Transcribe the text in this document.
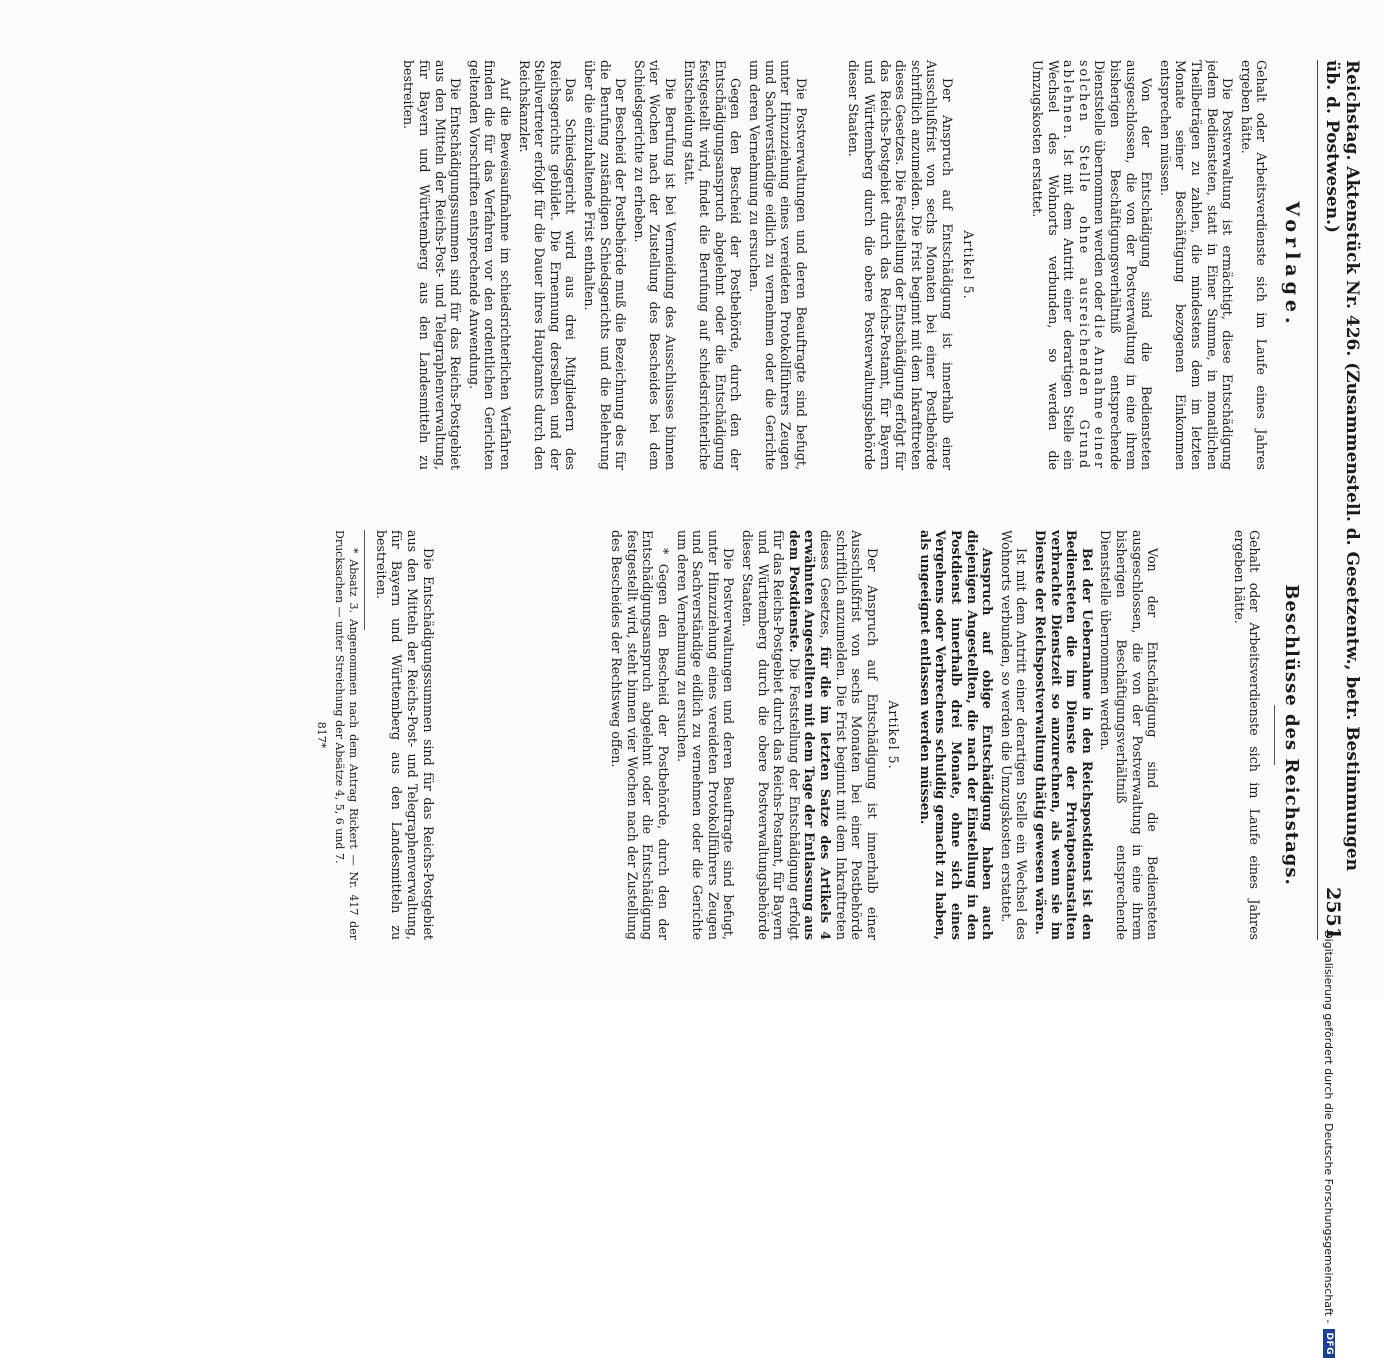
Reichstag. Aktenstück Nr. 426. (Zusammenstell. d. Gesetzentw., betr. Bestimmungen üb. d. Postwesen.)
2551
Vorlage.

Gehalt oder Arbeitsverdienste sich im Laufe eines Jahres ergeben hätte.

Die Postverwaltung ist ermächtigt, diese Entschädigung jedem Bediensteten, statt in Einer Summe, in monatlichen Theilbeträgen zu zahlen, die mindestens dem im letzten Monate seiner Beschäftigung bezogenen Einkommen entsprechen müssen.

Von der Entschädigung sind die Bediensteten ausgeschlossen, die von der Postverwaltung in eine ihrem bisherigen Beschäftigungsverhältniß entsprechende Dienststelle übernommen werden oder die Annahme einer solchen Stelle ohne ausreichenden Grund ablehnen. Ist mit dem Antritt einer derartigen Stelle ein Wechsel des Wohnorts verbunden, so werden die Umzugskosten erstattet.

Artikel 5.

Der Anspruch auf Entschädigung ist innerhalb einer Ausschlußfrist von sechs Monaten bei einer Postbehörde schriftlich anzumelden. Die Frist beginnt mit dem Inkrafttreten dieses Gesetzes. Die Feststellung der Entschädigung erfolgt für das Reichs-Postgebiet durch das Reichs-Postamt, für Bayern und Württemberg durch die obere Postverwaltungsbehörde dieser Staaten.

Die Postverwaltungen und deren Beauftragte sind befugt, unter Hinzuziehung eines vereideten Protokollführers Zeugen und Sachverständige eidlich zu vernehmen oder die Gerichte um deren Vernehmung zu ersuchen.

Gegen den Bescheid der Postbehörde, durch den der Entschädigungsanspruch abgelehnt oder die Entschädigung festgestellt wird, findet die Berufung auf schiedsrichterliche Entscheidung statt.

Die Berufung ist bei Vermeidung des Ausschlusses binnen vier Wochen nach der Zustellung des Bescheides bei dem Schiedsgerichte zu erheben.

Der Bescheid der Postbehörde muß die Bezeichnung des für die Berufung zuständigen Schiedsgerichts und die Belehrung über die einzuhaltende Frist enthalten.

Das Schiedsgericht wird aus drei Mitgliedern des Reichsgerichts gebildet. Die Ernennung derselben und der Stellvertreter erfolgt für die Dauer ihres Hauptamts durch den Reichskanzler.

Auf die Beweisaufnahme im schiedsrichterlichen Verfahren finden die für das Verfahren vor den ordentlichen Gerichten geltenden Vorschriften entsprechende Anwendung.

Die Entschädigungssummen sind für das Reichs-Postgebiet aus den Mitteln der Reichs-Post- und Telegraphenverwaltung, für Bayern und Württemberg aus den Landesmitteln zu bestreiten.

Beschlüsse des Reichstags.

Gehalt oder Arbeitsverdienste sich im Laufe eines Jahres ergeben hätte.

Von der Entschädigung sind die Bediensteten ausgeschlossen, die von der Postverwaltung in eine ihrem bisherigen Beschäftigungsverhältniß entsprechende Dienststelle übernommen werden.

Bei der Uebernahme in den Reichspostdienst ist den Bediensteten die im Dienste der Privatpostanstalten verbrachte Dienstzeit so anzurechnen, als wenn sie im Dienste der Reichspostverwaltung thätig gewesen wären.

Ist mit dem Antritt einer derartigen Stelle ein Wechsel des Wohnorts verbunden, so werden die Umzugskosten erstattet.

Anspruch auf obige Entschädigung haben auch diejenigen Angestellten, die nach der Einstellung in den Postdienst innerhalb drei Monate, ohne sich eines Vergehens oder Verbrechens schuldig gemacht zu haben, als ungeeignet entlassen werden müssen.

Artikel 5.

Der Anspruch auf Entschädigung ist innerhalb einer Ausschlußfrist von sechs Monaten bei einer Postbehörde schriftlich anzumelden. Die Frist beginnt mit dem Inkrafttreten dieses Gesetzes, für die im letzten Satze des Artikels 4 erwähnten Angestellten mit dem Tage der Entlassung aus dem Postdienste. Die Feststellung der Entschädigung erfolgt für das Reichs-Postgebiet durch das Reichs-Postamt, für Bayern und Württemberg durch die obere Postverwaltungsbehörde dieser Staaten.

Die Postverwaltungen und deren Beauftragte sind befugt, unter Hinzuziehung eines vereideten Protokollführers Zeugen und Sachverständige eidlich zu vernehmen oder die Gerichte um deren Vernehmung zu ersuchen.

* Gegen den Bescheid der Postbehörde, durch den der Entschädigungsanspruch abgelehnt oder die Entschädigung festgestellt wird, steht binnen vier Wochen nach der Zustellung des Bescheides der Rechtsweg offen.

Die Entschädigungssummen sind für das Reichs-Postgebiet aus den Mitteln der Reichs-Post- und Telegraphenverwaltung, für Bayern und Württemberg aus den Landesmitteln zu bestreiten.

* Absatz 3. Angenommen nach dem Antrag Rickert — Nr. 417 der Drucksachen — unter Streichung der Absätze 4, 5, 6 und 7.

817*
Digitalisierung gefördert durch die Deutsche Forschungsgemeinschaft -
DFG
